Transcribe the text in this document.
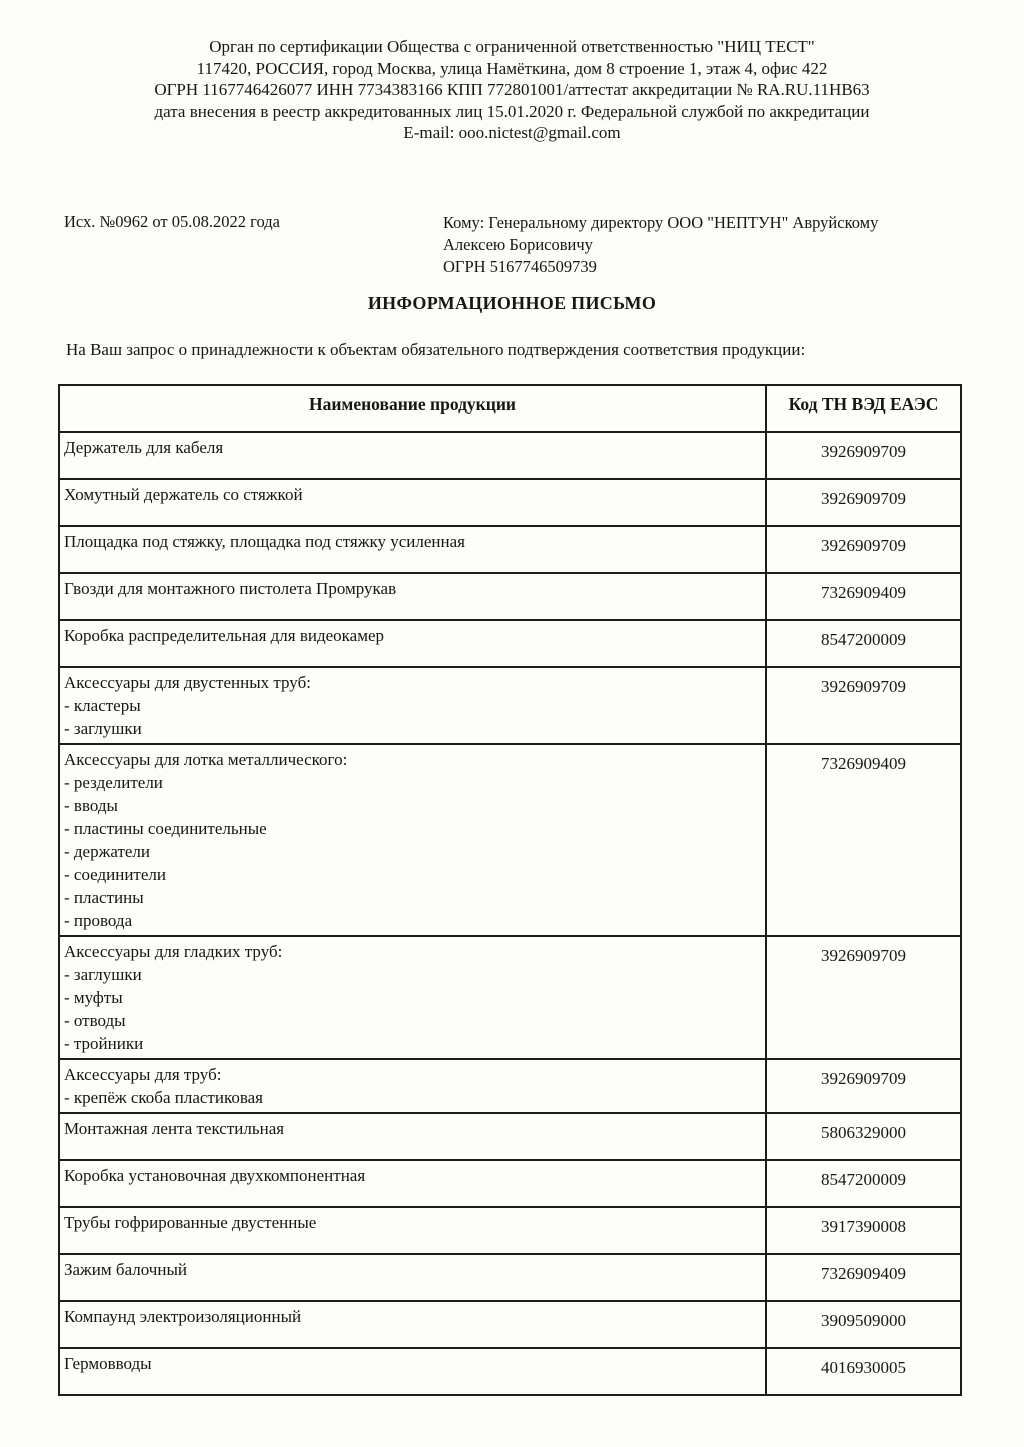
Орган по сертификации Общества с ограниченной ответственностью "НИЦ ТЕСТ"
117420, РОССИЯ, город Москва, улица Намёткина, дом 8 строение 1, этаж 4, офис 422
ОГРН 1167746426077 ИНН 7734383166 КПП 772801001/аттестат аккредитации № RA.RU.11HB63
дата внесения в реестр аккредитованных лиц 15.01.2020 г. Федеральной службой по аккредитации
E-mail: ooo.nictest@gmail.com
Исх. №0962 от 05.08.2022 года	Кому: Генеральному директору ООО "НЕПТУН" Авруйскому Алексею Борисовичу
ОГРН 5167746509739
ИНФОРМАЦИОННОЕ ПИСЬМО
На Ваш запрос о принадлежности к объектам обязательного подтверждения соответствия продукции:
Наименование продукции	Код ТН ВЭД ЕАЭС

Держатель для кабеля	3926909709

Хомутный держатель со стяжкой	3926909709

Площадка под стяжку, площадка под стяжку усиленная	3926909709

Гвозди для монтажного пистолета Промрукав	7326909409

Коробка распределительная для видеокамер	8547200009

Аксессуары для двустенных труб:
- кластеры
- заглушки	3926909709

Аксессуары для лотка металлического:
- резделители
- вводы
- пластины соединительные
- держатели
- соединители
- пластины
- провода
	7326909409

Аксессуары для гладких труб:
- заглушки
- муфты
- отводы
- тройники	3926909709

Аксессуары для труб:
- крепёж скоба пластиковая	3926909709

Монтажная лента текстильная	5806329000

Коробка установочная двухкомпонентная	8547200009

Трубы гофрированные двустенные	3917390008

Зажим балочный	7326909409

Компаунд электроизоляционный	3909509000

Гермовводы	4016930005
